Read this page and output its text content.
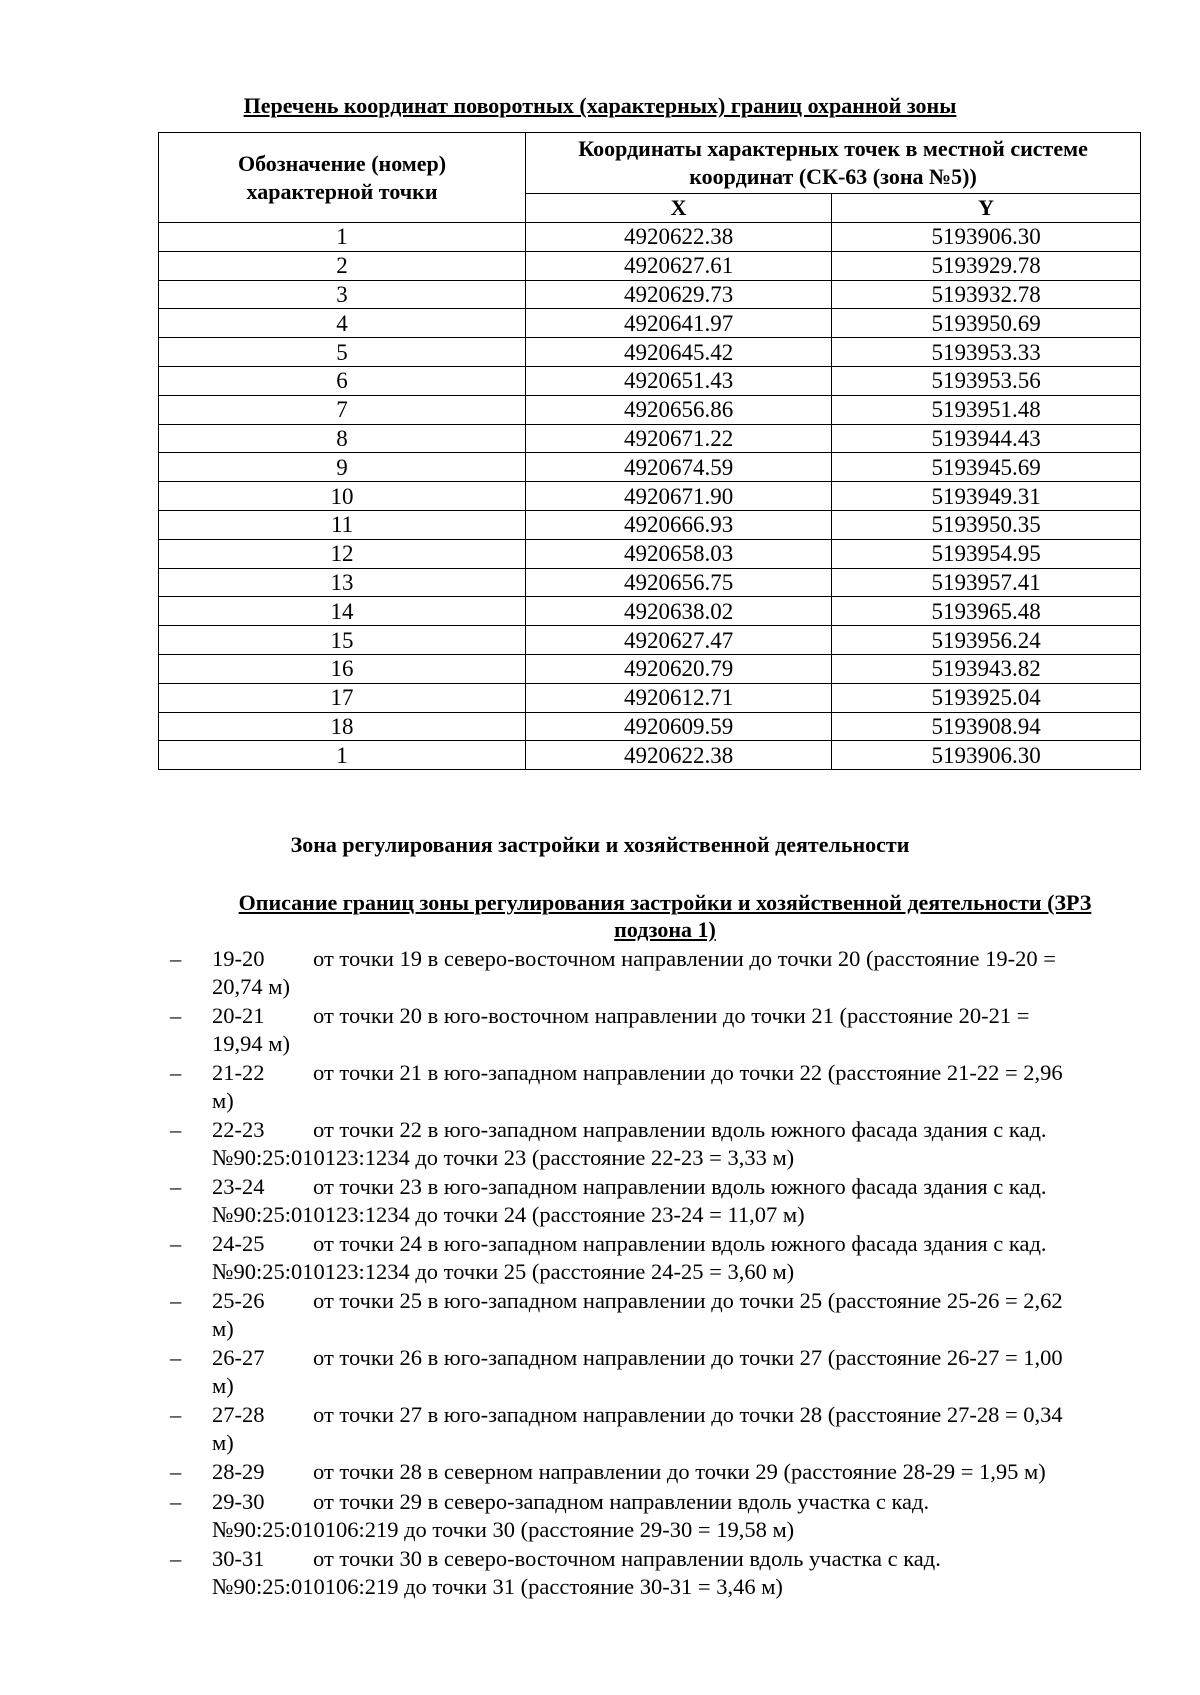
Перечень координат поворотных (характерных) границ охранной зоны
Обозначение (номер) характерной точки	Координаты характерных точек в местной системе координат (СК-63 (зона №5))	
	X	Y
1	4920622.38	5193906.30
2	4920627.61	5193929.78
3	4920629.73	5193932.78
4	4920641.97	5193950.69
5	4920645.42	5193953.33
6	4920651.43	5193953.56
7	4920656.86	5193951.48
8	4920671.22	5193944.43
9	4920674.59	5193945.69
10	4920671.90	5193949.31
11	4920666.93	5193950.35
12	4920658.03	5193954.95
13	4920656.75	5193957.41
14	4920638.02	5193965.48
15	4920627.47	5193956.24
16	4920620.79	5193943.82
17	4920612.71	5193925.04
18	4920609.59	5193908.94
1	4920622.38	5193906.30
Зона регулирования застройки и хозяйственной деятельности
Описание границ зоны регулирования застройки и хозяйственной деятельности (ЗРЗ подзона 1)
– 19-20 от точки 19 в северо-восточном направлении до точки 20 (расстояние 19-20 =
20,74 м)
– 20-21 от точки 20 в юго-восточном направлении до точки 21 (расстояние 20-21 =
19,94 м)
– 21-22 от точки 21 в юго-западном направлении до точки 22 (расстояние 21-22 = 2,96
м)
– 22-23 от точки 22 в юго-западном направлении вдоль южного фасада здания с кад.
№90:25:010123:1234 до точки 23 (расстояние 22-23 = 3,33 м)
– 23-24 от точки 23 в юго-западном направлении вдоль южного фасада здания с кад.
№90:25:010123:1234 до точки 24 (расстояние 23-24 = 11,07 м)
– 24-25 от точки 24 в юго-западном направлении вдоль южного фасада здания с кад.
№90:25:010123:1234 до точки 25 (расстояние 24-25 = 3,60 м)
– 25-26 от точки 25 в юго-западном направлении до точки 25 (расстояние 25-26 = 2,62
м)
– 26-27 от точки 26 в юго-западном направлении до точки 27 (расстояние 26-27 = 1,00
м)
– 27-28 от точки 27 в юго-западном направлении до точки 28 (расстояние 27-28 = 0,34
м)
– 28-29 от точки 28 в северном направлении до точки 29 (расстояние 28-29 = 1,95 м)
– 29-30 от точки 29 в северо-западном направлении вдоль участка с кад.
№90:25:010106:219 до точки 30 (расстояние 29-30 = 19,58 м)
– 30-31 от точки 30 в северо-восточном направлении вдоль участка с кад.
№90:25:010106:219 до точки 31 (расстояние 30-31 = 3,46 м)
